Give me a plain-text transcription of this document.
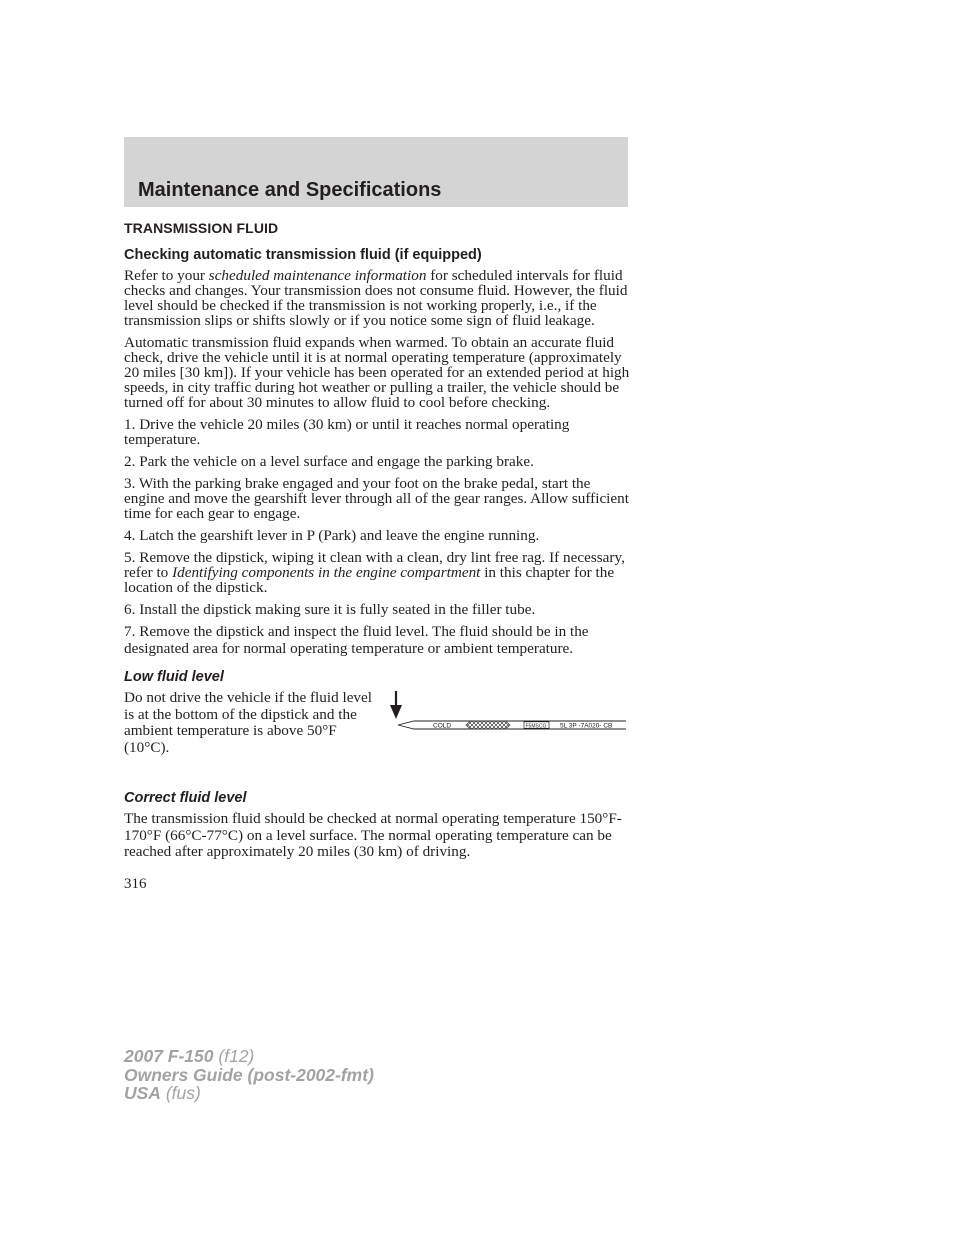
Maintenance and Specifications
TRANSMISSION FLUID
Checking automatic transmission fluid (if equipped)

Refer to your scheduled maintenance information for scheduled intervals for fluid checks and changes. Your transmission does not consume fluid. However, the fluid level should be checked if the transmission is not working properly, i.e., if the transmission slips or shifts slowly or if you notice some sign of fluid leakage.

Automatic transmission fluid expands when warmed. To obtain an accurate fluid check, drive the vehicle until it is at normal operating temperature (approximately 20 miles [30 km]). If your vehicle has been operated for an extended period at high speeds, in city traffic during hot weather or pulling a trailer, the vehicle should be turned off for about 30 minutes to allow fluid to cool before checking.

1. Drive the vehicle 20 miles (30 km) or until it reaches normal operating temperature.

2. Park the vehicle on a level surface and engage the parking brake.

3. With the parking brake engaged and your foot on the brake pedal, start the engine and move the gearshift lever through all of the gear ranges. Allow sufficient time for each gear to engage.

4. Latch the gearshift lever in P (Park) and leave the engine running.

5. Remove the dipstick, wiping it clean with a clean, dry lint free rag. If necessary, refer to Identifying components in the engine compartment in this chapter for the location of the dipstick.

6. Install the dipstick making sure it is fully seated in the filler tube.

7. Remove the dipstick and inspect the fluid level. The fluid should be in the designated area for normal operating temperature or ambient temperature.

Low fluid level

Do not drive the vehicle if the fluid level is at the bottom of the dipstick and the ambient temperature is above 50°F (10°C).

COLD	F5MSCG 5L 3P -7A020- CB
Correct fluid level

The transmission fluid should be checked at normal operating temperature 150°F-170°F (66°C-77°C) on a level surface. The normal operating temperature can be reached after approximately 20 miles (30 km) of driving.

316
2007 F-150 (f12)
Owners Guide (post-2002-fmt)
USA (fus)
